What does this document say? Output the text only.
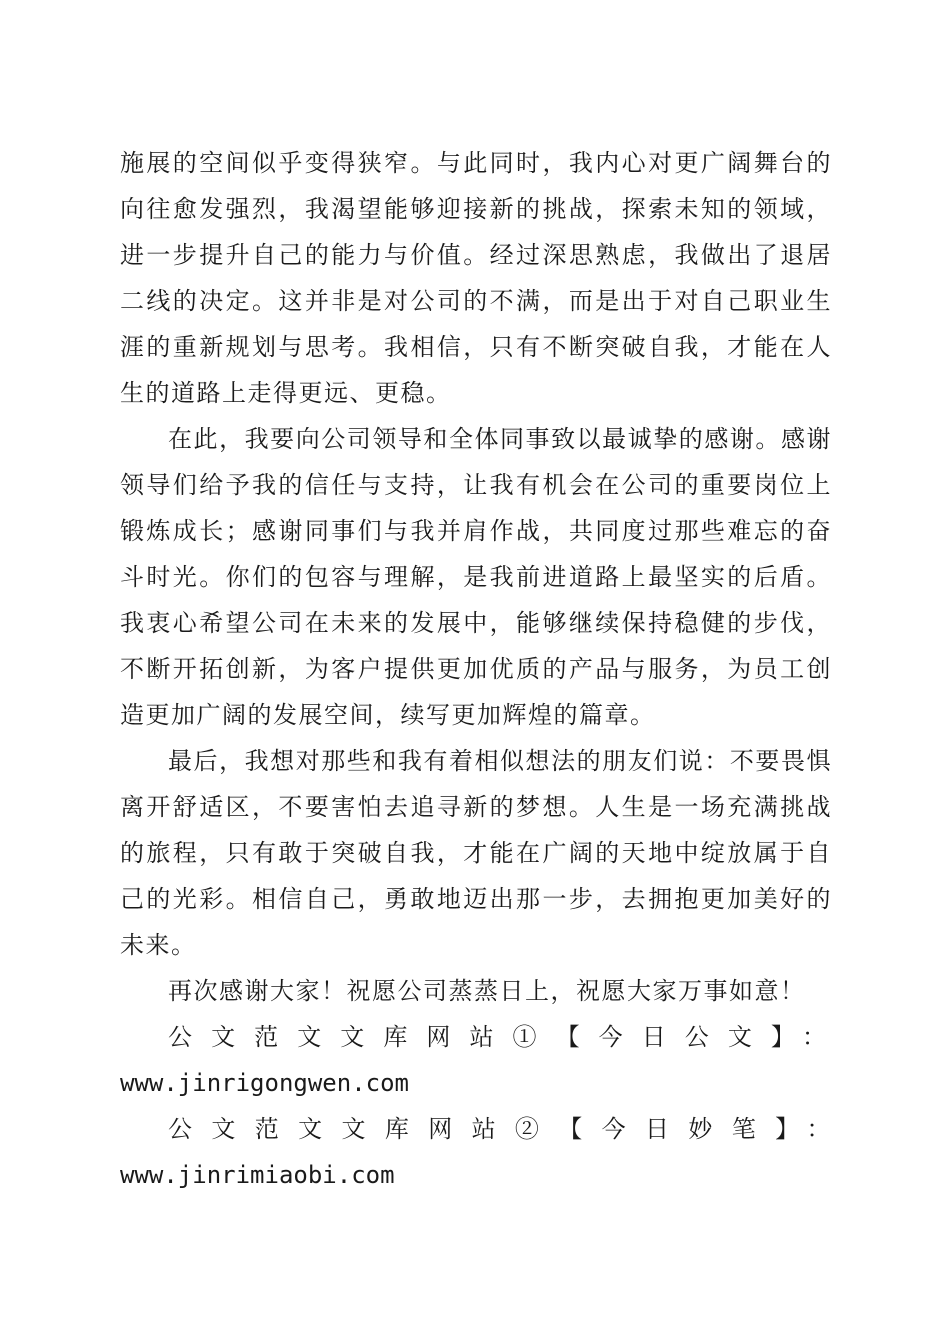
施展的空间似乎变得狭窄。与此同时，我内心对更广阔舞台的向往愈发强烈，我渴望能够迎接新的挑战，探索未知的领域，进一步提升自己的能力与价值。经过深思熟虑，我做出了退居二线的决定。这并非是对公司的不满，而是出于对自己职业生涯的重新规划与思考。我相信，只有不断突破自我，才能在人生的道路上走得更远、更稳。

在此，我要向公司领导和全体同事致以最诚挚的感谢。感谢领导们给予我的信任与支持，让我有机会在公司的重要岗位上锻炼成长；感谢同事们与我并肩作战，共同度过那些难忘的奋斗时光。你们的包容与理解，是我前进道路上最坚实的后盾。我衷心希望公司在未来的发展中，能够继续保持稳健的步伐，不断开拓创新，为客户提供更加优质的产品与服务，为员工创造更加广阔的发展空间，续写更加辉煌的篇章。

最后，我想对那些和我有着相似想法的朋友们说：不要畏惧离开舒适区，不要害怕去追寻新的梦想。人生是一场充满挑战的旅程，只有敢于突破自我，才能在广阔的天地中绽放属于自己的光彩。相信自己，勇敢地迈出那一步，去拥抱更加美好的未来。

再次感谢大家！祝愿公司蒸蒸日上，祝愿大家万事如意！

公文范文文库网站①【今日公文】：

www.jinrigongwen.com

公文范文文库网站②【今日妙笔】：www.jinrimiaobi.com
